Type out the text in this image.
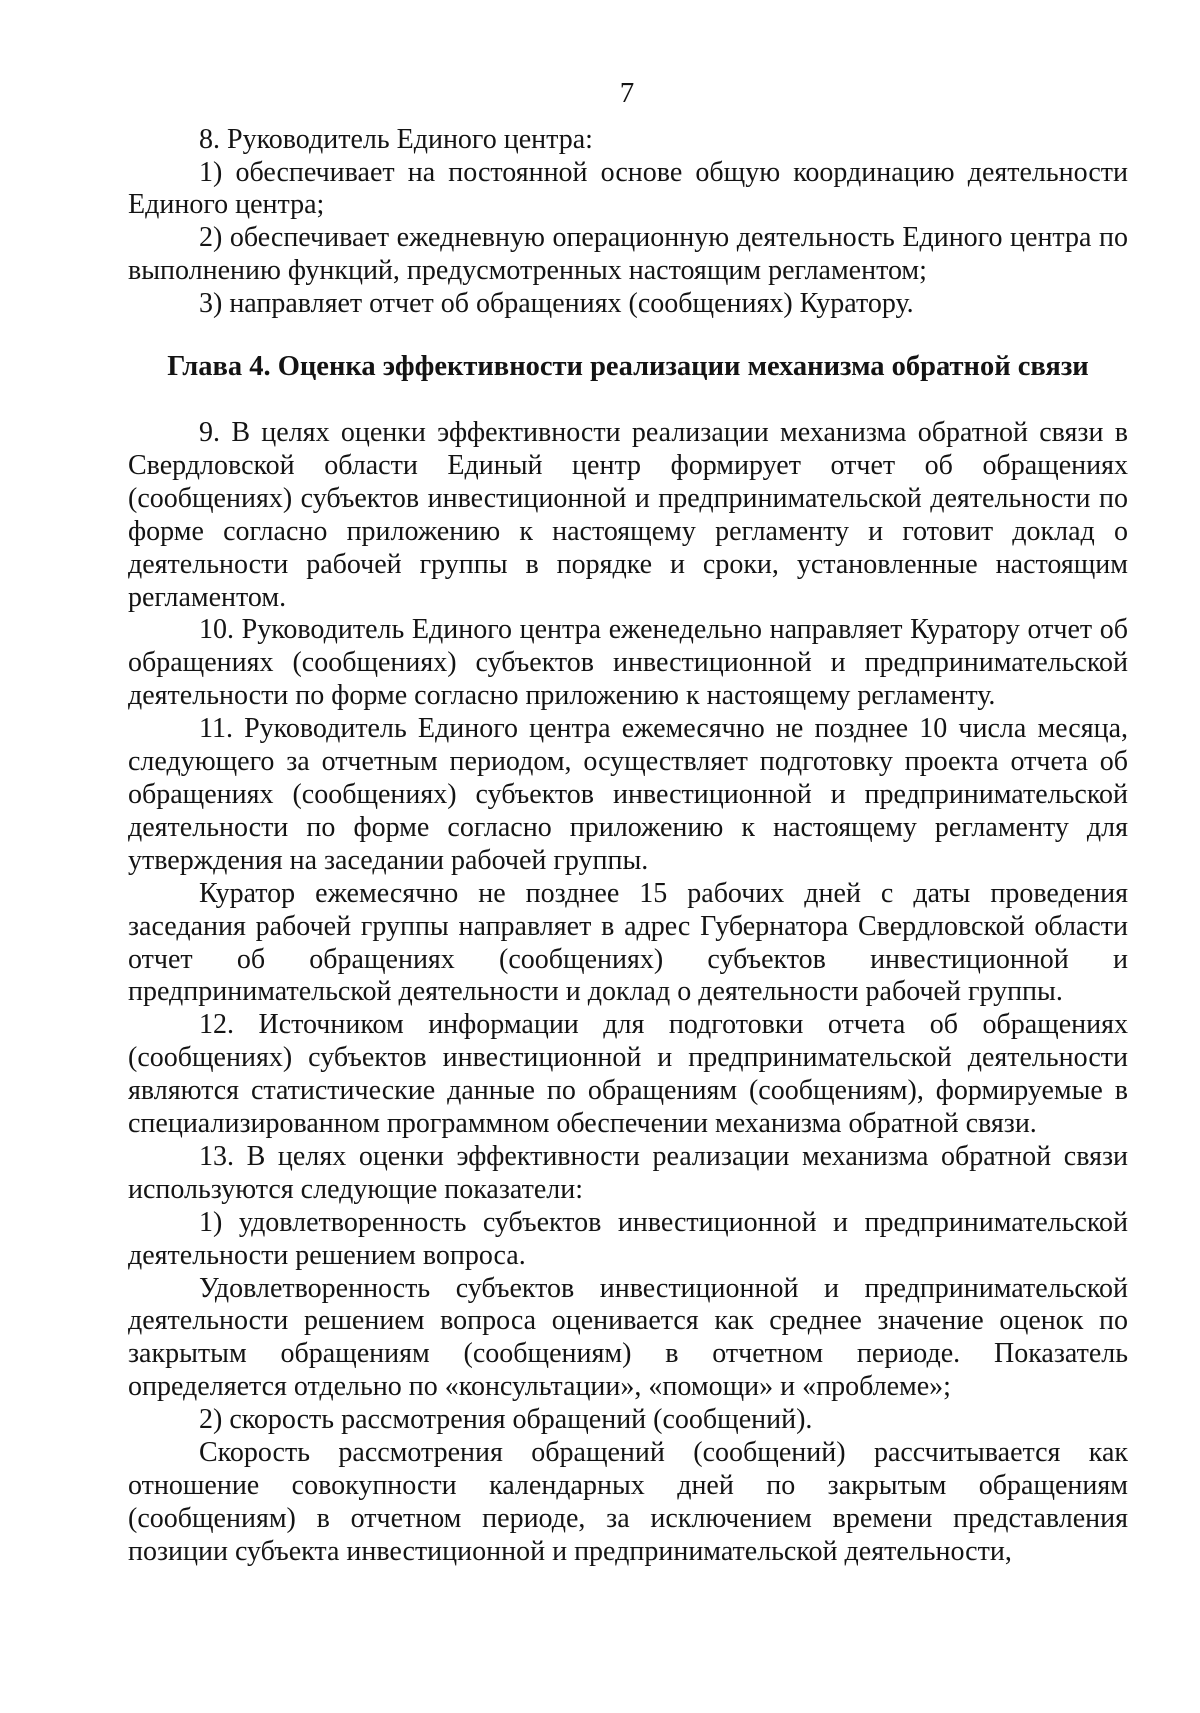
7

8. Руководитель Единого центра:

1) обеспечивает на постоянной основе общую координацию деятельности Единого центра;

2) обеспечивает ежедневную операционную деятельность Единого центра по выполнению функций, предусмотренных настоящим регламентом;

3) направляет отчет об обращениях (сообщениях) Куратору.

Глава 4. Оценка эффективности реализации механизма обратной связи

9. В целях оценки эффективности реализации механизма обратной связи в Свердловской области Единый центр формирует отчет об обращениях (сообщениях) субъектов инвестиционной и предпринимательской деятельности по форме согласно приложению к настоящему регламенту и готовит доклад о деятельности рабочей группы в порядке и сроки, установленные настоящим регламентом.

10. Руководитель Единого центра еженедельно направляет Куратору отчет об обращениях (сообщениях) субъектов инвестиционной и предпринимательской деятельности по форме согласно приложению к настоящему регламенту.

11. Руководитель Единого центра ежемесячно не позднее 10 числа месяца, следующего за отчетным периодом, осуществляет подготовку проекта отчета об обращениях (сообщениях) субъектов инвестиционной и предпринимательской деятельности по форме согласно приложению к настоящему регламенту для утверждения на заседании рабочей группы.

Куратор ежемесячно не позднее 15 рабочих дней с даты проведения заседания рабочей группы направляет в адрес Губернатора Свердловской области отчет об обращениях (сообщениях) субъектов инвестиционной и предпринимательской деятельности и доклад о деятельности рабочей группы.

12. Источником информации для подготовки отчета об обращениях (сообщениях) субъектов инвестиционной и предпринимательской деятельности являются статистические данные по обращениям (сообщениям), формируемые в специализированном программном обеспечении механизма обратной связи.

13. В целях оценки эффективности реализации механизма обратной связи используются следующие показатели:

1) удовлетворенность субъектов инвестиционной и предпринимательской деятельности решением вопроса.

Удовлетворенность субъектов инвестиционной и предпринимательской деятельности решением вопроса оценивается как среднее значение оценок по закрытым обращениям (сообщениям) в отчетном периоде. Показатель определяется отдельно по «консультации», «помощи» и «проблеме»;

2) скорость рассмотрения обращений (сообщений).

Скорость рассмотрения обращений (сообщений) рассчитывается как отношение совокупности календарных дней по закрытым обращениям (сообщениям) в отчетном периоде, за исключением времени представления позиции субъекта инвестиционной и предпринимательской деятельности,
